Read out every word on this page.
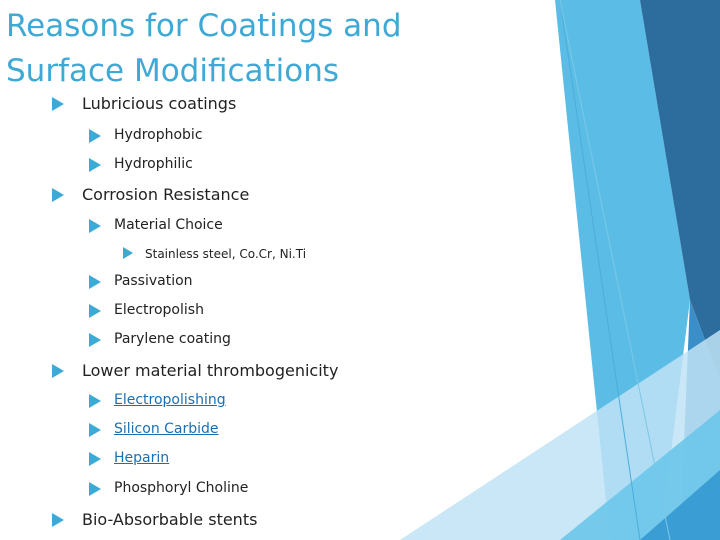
Reasons for Coatings and
Surface Modifications
Lubricious coatings
Hydrophobic
Hydrophilic
Corrosion Resistance
Material Choice
Stainless steel, Co.Cr, Ni.Ti
Passivation
Electropolish
Parylene coating
Lower material thrombogenicity
Electropolishing
Silicon Carbide
Heparin
Phosphoryl Choline
Bio-Absorbable stents
